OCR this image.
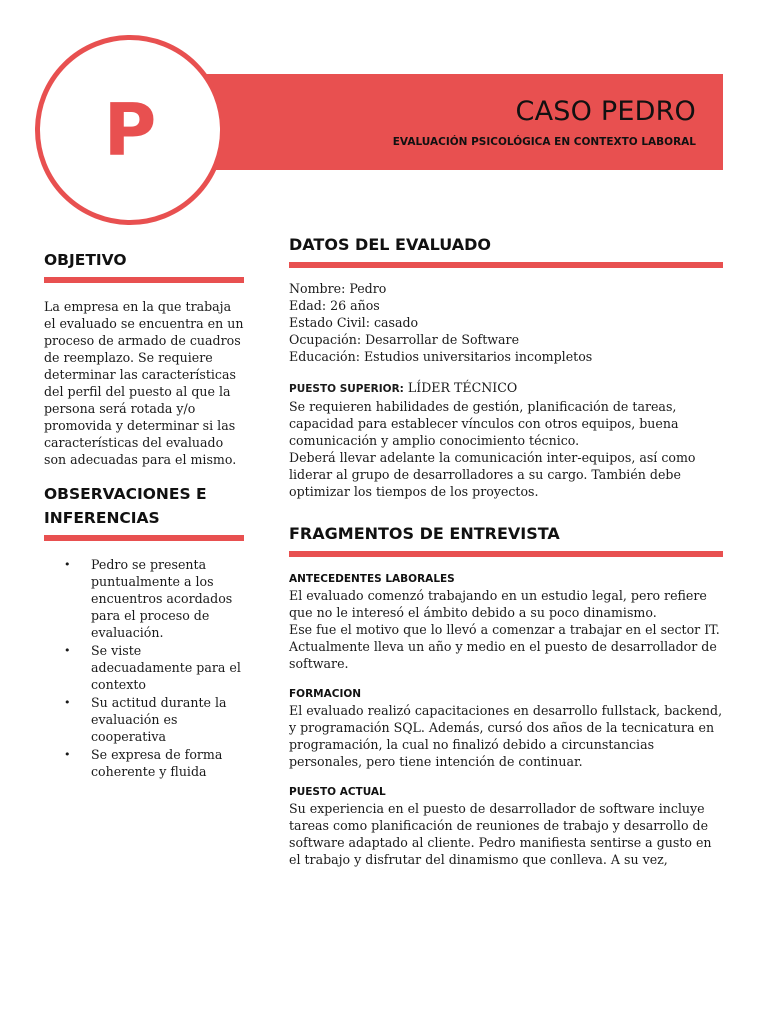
P	CASO PEDRO
EVALUACIÓN PSICOLÓGICA EN CONTEXTO LABORAL
OBJETIVO

La empresa en la que trabaja el evaluado se encuentra en un proceso de armado de cuadros de reemplazo. Se requiere determinar las características del perfil del puesto al que la persona será rotada y/o promovida y determinar si las características del evaluado son adecuadas para el mismo.

OBSERVACIONES E INFERENCIAS
• Pedro se presenta puntualmente a los encuentros acordados para el proceso de evaluación.
• Se viste adecuadamente para el contexto
• Su actitud durante la evaluación es cooperativa
• Se expresa de forma coherente y fluida
DATOS DEL EVALUADO
Nombre: Pedro
Edad: 26 años
Estado Civil: casado
Ocupación: Desarrollar de Software
Educación: Estudios universitarios incompletos
PUESTO SUPERIOR: LÍDER TÉCNICO
Se requieren habilidades de gestión, planificación de tareas, capacidad para establecer vínculos con otros equipos, buena comunicación y amplio conocimiento técnico.
Deberá llevar adelante la comunicación inter-equipos, así como liderar al grupo de desarrolladores a su cargo. También debe optimizar los tiempos de los proyectos.
FRAGMENTOS DE ENTREVISTA
ANTECEDENTES LABORALES
El evaluado comenzó trabajando en un estudio legal, pero refiere que no le interesó el ámbito debido a su poco dinamismo.
Ese fue el motivo que lo llevó a comenzar a trabajar en el sector IT. Actualmente lleva un año y medio en el puesto de desarrollador de software.
FORMACION
El evaluado realizó capacitaciones en desarrollo fullstack, backend, y programación SQL. Además, cursó dos años de la tecnicatura en programación, la cual no finalizó debido a circunstancias personales, pero tiene intención de continuar.
PUESTO ACTUAL
Su experiencia en el puesto de desarrollador de software incluye tareas como planificación de reuniones de trabajo y desarrollo de software adaptado al cliente. Pedro manifiesta sentirse a gusto en el trabajo y disfrutar del dinamismo que conlleva. A su vez,
